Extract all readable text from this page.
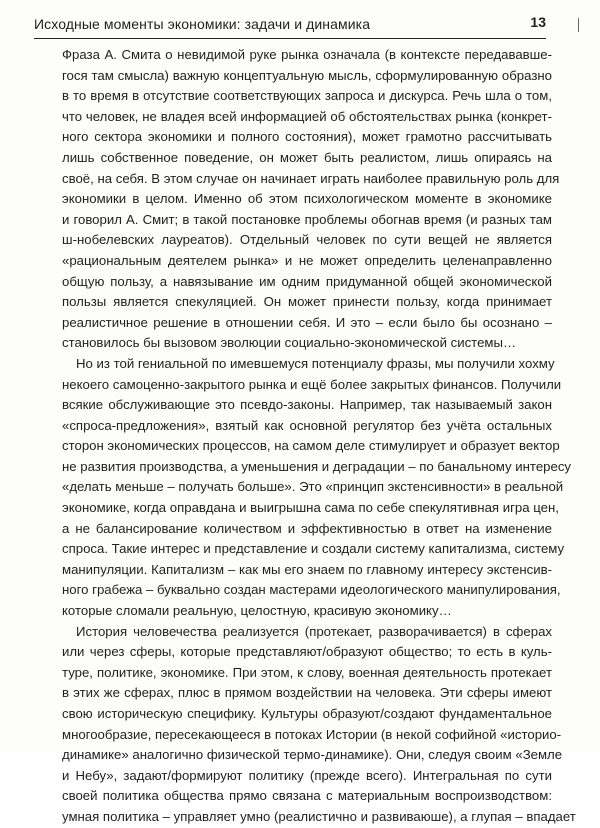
Исходные моменты экономики: задачи и динамика	13
Фраза А. Смита о невидимой руке рынка означала (в контексте передававше-
гося там смысла) важную концептуальную мысль, сформулированную образно
в то время в отсутствие соответствующих запроса и дискурса. Речь шла о том,
что человек, не владея всей информацией об обстоятельствах рынка (конкрет-
ного сектора экономики и полного состояния), может грамотно рассчитывать
лишь собственное поведение, он может быть реалистом, лишь опираясь на
своё, на себя. В этом случае он начинает играть наиболее правильную роль для
экономики в целом. Именно об этом психологическом моменте в экономике
и говорил А. Смит; в такой постановке проблемы обогнав время (и разных там
ш-нобелевских лауреатов). Отдельный человек по сути вещей не является
«рациональным деятелем рынка» и не может определить целенаправленно
общую пользу, а навязывание им одним придуманной общей экономической
пользы является спекуляцией. Он может принести пользу, когда принимает
реалистичное решение в отношении себя. И это – если было бы осознано –
становилось бы вызовом эволюции социально-экономической системы…
Но из той гениальной по имевшемуся потенциалу фразы, мы получили хохму
некоего самоценно-закрытого рынка и ещё более закрытых финансов. Получили
всякие обслуживающие это псевдо-законы. Например, так называемый закон
«спроса-предложения», взятый как основной регулятор без учёта остальных
сторон экономических процессов, на самом деле стимулирует и образует вектор
не развития производства, а уменьшения и деградации – по банальному интересу
«делать меньше – получать больше». Это «принцип экстенсивности» в реальной
экономике, когда оправдана и выигрышна сама по себе спекулятивная игра цен,
а не балансирование количеством и эффективностью в ответ на изменение
спроса. Такие интерес и представление и создали систему капитализма, систему
манипуляции. Капитализм – как мы его знаем по главному интересу экстенсив-
ного грабежа – буквально создан мастерами идеологического манипулирования,
которые сломали реальную, целостную, красивую экономику…
История человечества реализуется (протекает, разворачивается) в сферах
или через сферы, которые представляют/образуют общество; то есть в куль-
туре, политике, экономике. При этом, к слову, военная деятельность протекает
в этих же сферах, плюс в прямом воздействии на человека. Эти сферы имеют
свою историческую специфику. Культуры образуют/создают фундаментальное
многообразие, пересекающееся в потоках Истории (в некой софийной «историо-
динамике» аналогично физической термо-динамике). Они, следуя своим «Земле
и Небу», задают/формируют политику (прежде всего). Интегральная по сути
своей политика общества прямо связана с материальным воспроизводством:
умная политика – управляет умно (реалистично и развиваюше), а глупая – впадает
